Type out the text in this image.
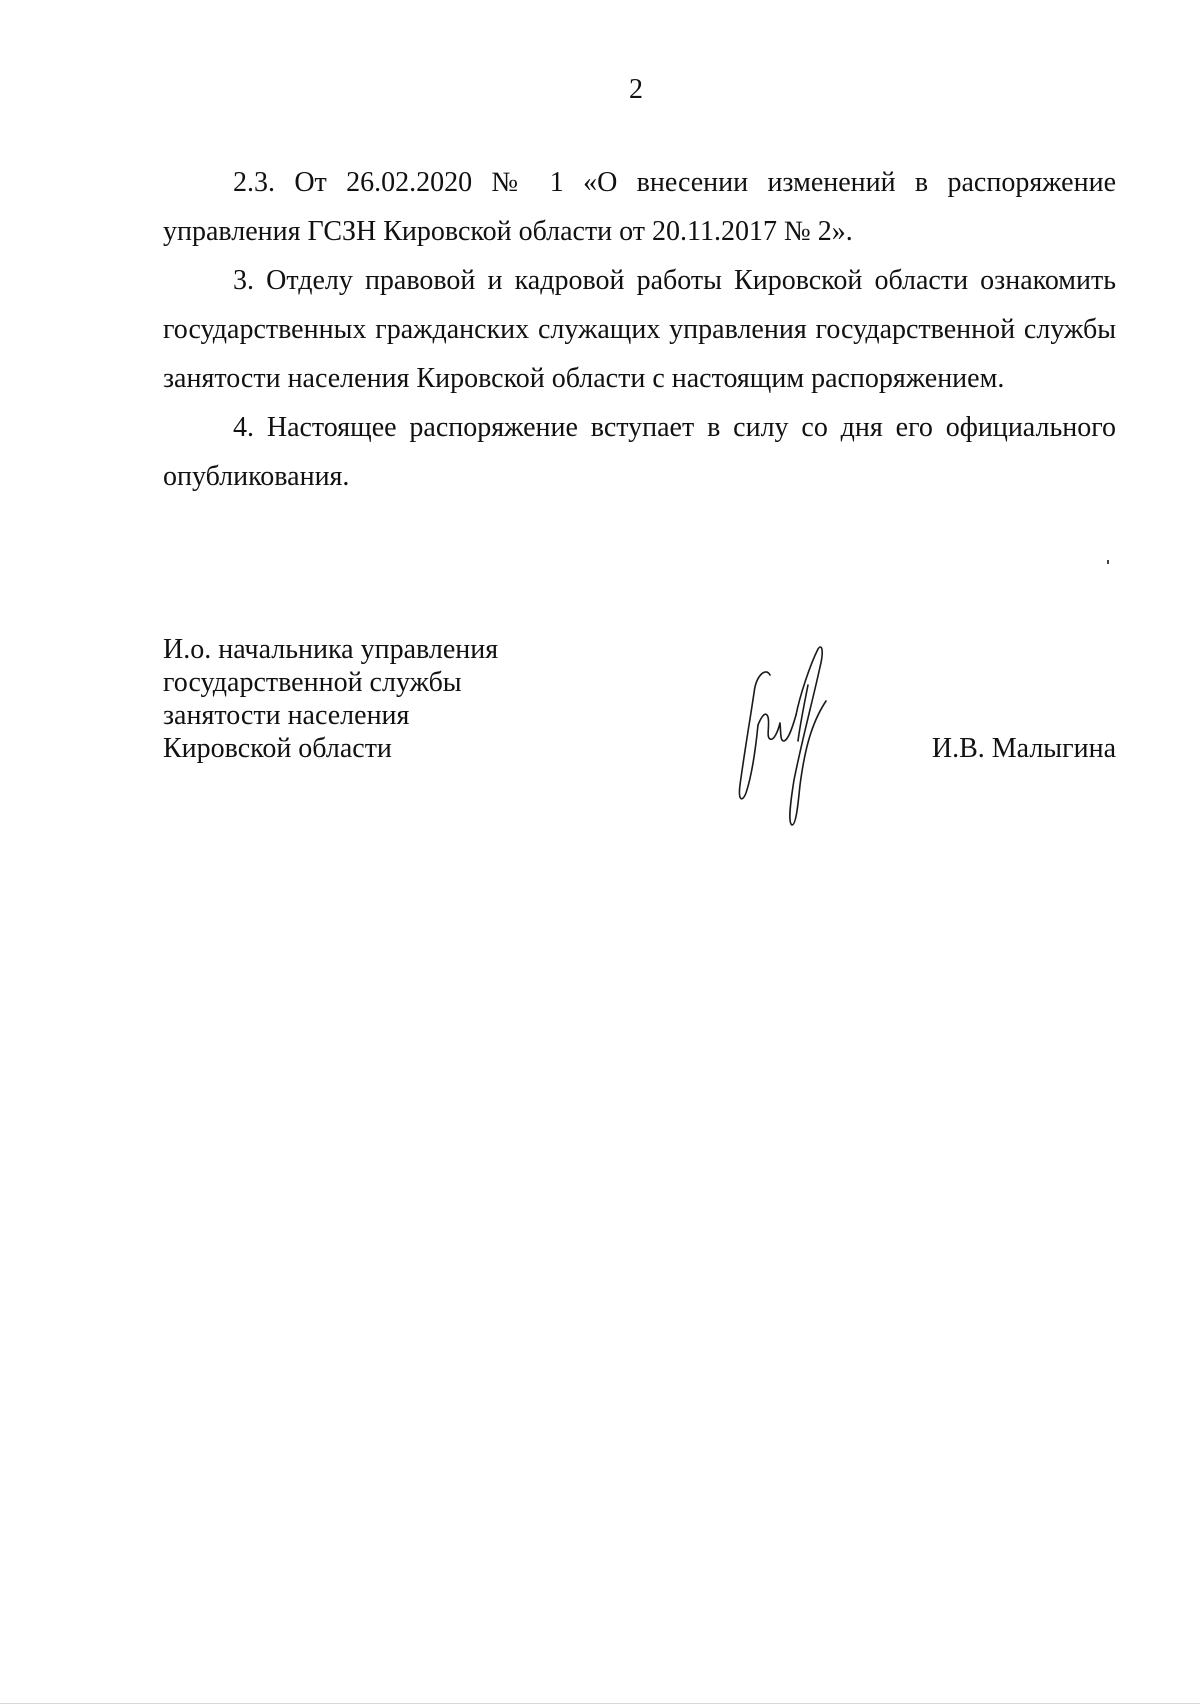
2

2.3. От 26.02.2020 № 1 «О внесении изменений в распоряжение управления ГСЗН Кировской области от 20.11.2017 № 2».

3. Отделу правовой и кадровой работы Кировской области ознакомить государственных гражданских служащих управления государственной службы занятости населения Кировской области с настоящим распоряжением.

4. Настоящее распоряжение вступает в силу со дня его официального опубликования.

И.о. начальника управления
государственной службы
занятости населения
Кировской области	И.В. Малыгина
